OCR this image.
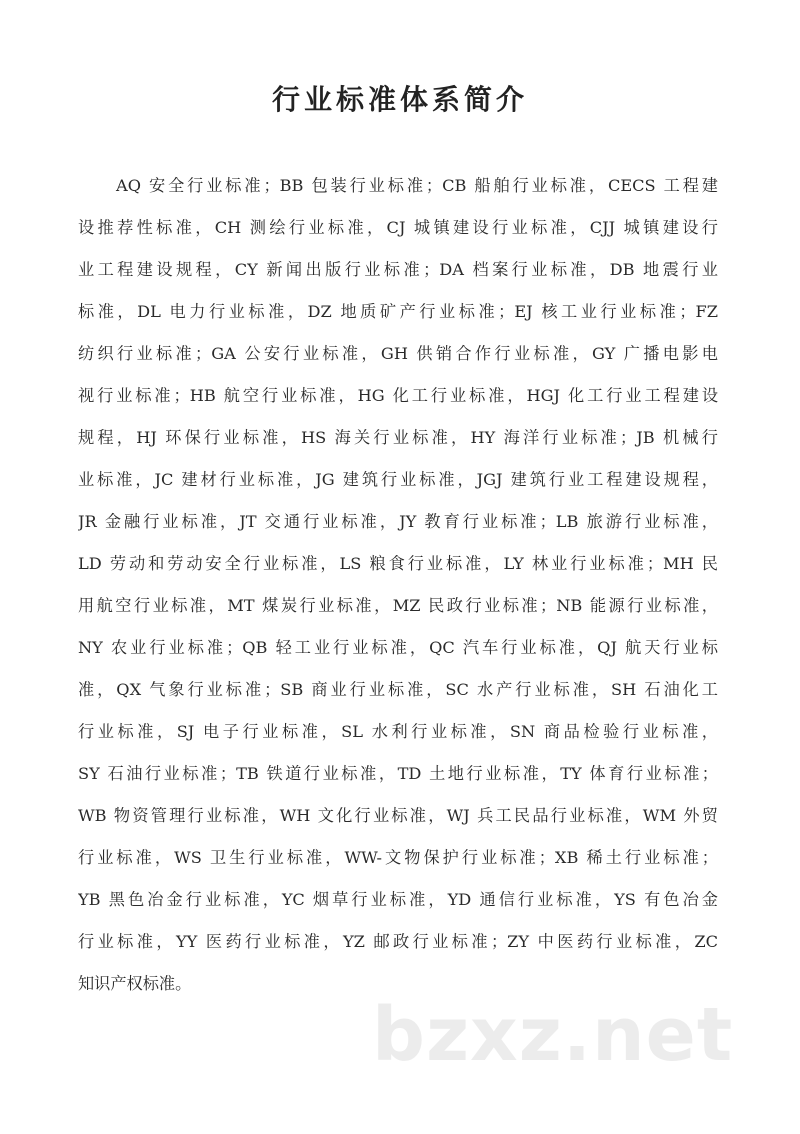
行业标准体系简介
AQ 安全行业标准；BB 包装行业标准；CB 船舶行业标准，CECS 工程建
设推荐性标准，CH 测绘行业标准，CJ 城镇建设行业标准，CJJ 城镇建设行
业工程建设规程，CY 新闻出版行业标准；DA 档案行业标准，DB 地震行业
标准，DL 电力行业标准，DZ 地质矿产行业标准；EJ 核工业行业标准；FZ
纺织行业标准；GA 公安行业标准，GH 供销合作行业标准，GY 广播电影电
视行业标准；HB 航空行业标准，HG 化工行业标准，HGJ 化工行业工程建设
规程，HJ 环保行业标准，HS 海关行业标准，HY 海洋行业标准；JB 机械行
业标准，JC 建材行业标准，JG 建筑行业标准，JGJ 建筑行业工程建设规程，
JR 金融行业标准，JT 交通行业标准，JY 教育行业标准；LB 旅游行业标准，
LD 劳动和劳动安全行业标准，LS 粮食行业标准，LY 林业行业标准；MH 民
用航空行业标准，MT 煤炭行业标准，MZ 民政行业标准；NB 能源行业标准，
NY 农业行业标准；QB 轻工业行业标准，QC 汽车行业标准，QJ 航天行业标
准，QX 气象行业标准；SB 商业行业标准，SC 水产行业标准，SH 石油化工
行业标准，SJ 电子行业标准，SL 水利行业标准，SN 商品检验行业标准，
SY 石油行业标准；TB 铁道行业标准，TD 土地行业标准，TY 体育行业标准；
WB 物资管理行业标准，WH 文化行业标准，WJ 兵工民品行业标准，WM 外贸
行业标准，WS 卫生行业标准，WW-文物保护行业标准；XB 稀土行业标准；
YB 黑色冶金行业标准，YC 烟草行业标准，YD 通信行业标准，YS 有色冶金
行业标准，YY 医药行业标准，YZ 邮政行业标准；ZY 中医药行业标准，ZC
知识产权标准。
bzxz.net
